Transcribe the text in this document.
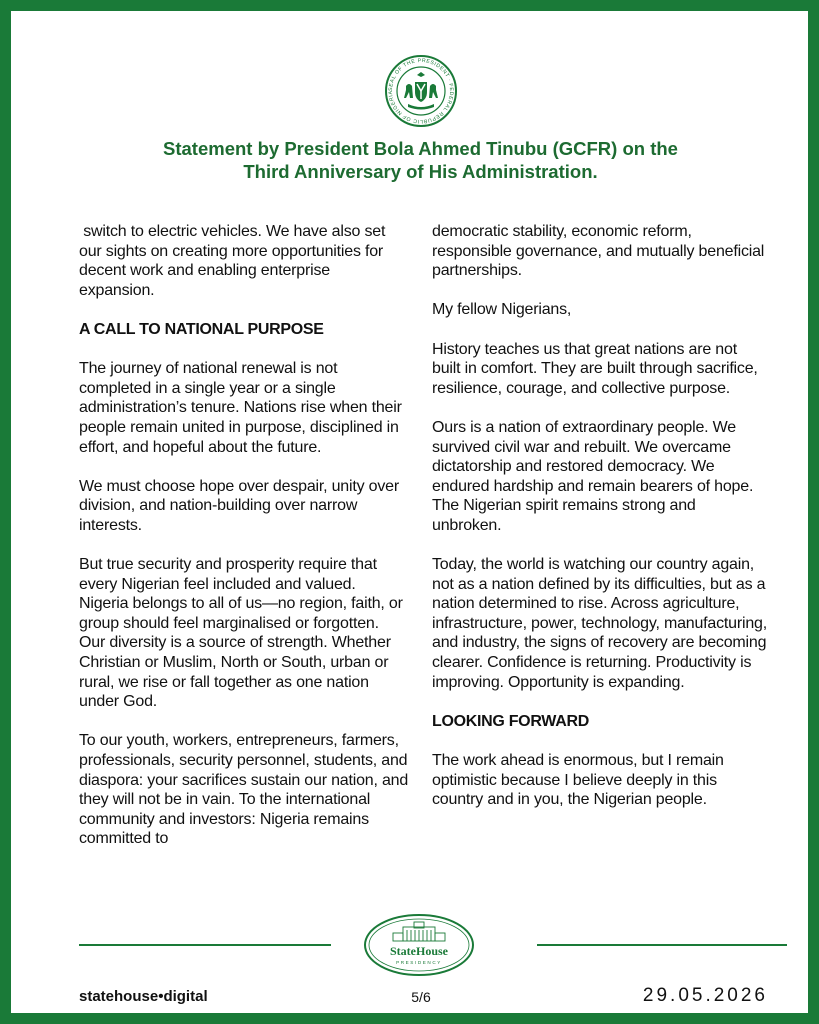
SEAL OF THE PRESIDENT · FEDERAL REPUBLIC OF NIGERIA
Statement by President Bola Ahmed Tinubu (GCFR) on the
Third Anniversary of His Administration.

switch to electric vehicles. We have also set our sights on creating more opportunities for decent work and enabling enterprise expansion.

A CALL TO NATIONAL PURPOSE

The journey of national renewal is not completed in a single year or a single administration’s tenure. Nations rise when their people remain united in purpose, disciplined in effort, and hopeful about the future.

We must choose hope over despair, unity over division, and nation-building over narrow interests.

But true security and prosperity require that every Nigerian feel included and valued. Nigeria belongs to all of us—no region, faith, or group should feel marginalised or forgotten. Our diversity is a source of strength. Whether Christian or Muslim, North or South, urban or rural, we rise or fall together as one nation under God.

To our youth, workers, entrepreneurs, farmers, professionals, security personnel, students, and diaspora: your sacrifices sustain our nation, and they will not be in vain. To the international community and investors: Nigeria remains committed to

democratic stability, economic reform, responsible governance, and mutually beneficial partnerships.

My fellow Nigerians,

History teaches us that great nations are not built in comfort. They are built through sacrifice, resilience, courage, and collective purpose.

Ours is a nation of extraordinary people. We survived civil war and rebuilt. We overcame dictatorship and restored democracy. We endured hardship and remain bearers of hope. The Nigerian spirit remains strong and unbroken.

Today, the world is watching our country again, not as a nation defined by its difficulties, but as a nation determined to rise. Across agriculture, infrastructure, power, technology, manufacturing, and industry, the signs of recovery are becoming clearer. Confidence is returning. Productivity is improving. Opportunity is expanding.

LOOKING FORWARD

The work ahead is enormous, but I remain optimistic because I believe deeply in this country and in you, the Nigerian people.

StateHouse
PRESIDENCY
statehouse•digital	5/6	29.05.2026
